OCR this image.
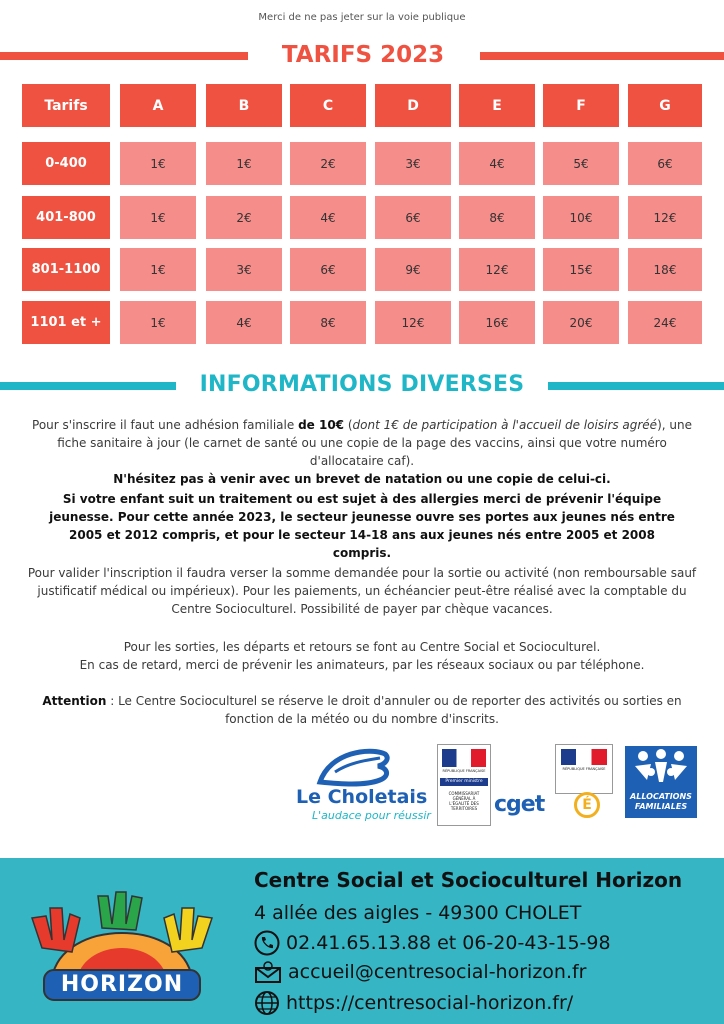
Merci de ne pas jeter sur la voie publique
TARIFS 2023
Tarifs	A	B	C	D	E	F	G
0-400	1€	1€	2€	3€	4€	5€	6€
401-800	1€	2€	4€	6€	8€	10€	12€
801-1100	1€	3€	6€	9€	12€	15€	18€
1101 et +	1€	4€	8€	12€	16€	20€	24€
INFORMATIONS DIVERSES
Pour s'inscrire il faut une adhésion familiale de 10€ (dont 1€ de participation à l'accueil de loisirs agréé), une fiche sanitaire à jour (le carnet de santé ou une copie de la page des vaccins, ainsi que votre numéro d'allocataire caf).
N'hésitez pas à venir avec un brevet de natation ou une copie de celui-ci.
Si votre enfant suit un traitement ou est sujet à des allergies merci de prévenir l'équipe jeunesse. Pour cette année 2023, le secteur jeunesse ouvre ses portes aux jeunes nés entre 2005 et 2012 compris, et pour le secteur 14-18 ans aux jeunes nés entre 2005 et 2008 compris.
Pour valider l'inscription il faudra verser la somme demandée pour la sortie ou activité (non remboursable sauf justificatif médical ou impérieux). Pour les paiements, un échéancier peut-être réalisé avec la comptable du Centre Socioculturel. Possibilité de payer par chèque vacances.
Pour les sorties, les départs et retours se font au Centre Social et Socioculturel.
En cas de retard, merci de prévenir les animateurs, par les réseaux sociaux ou par téléphone.
Attention : Le Centre Socioculturel se réserve le droit d'annuler ou de reporter des activités ou sorties en fonction de la météo ou du nombre d'inscrits.
Le Choletais
L'audace pour réussir
RÉPUBLIQUE FRANÇAISE
Premier ministre
COMMISSARIAT GÉNÉRAL À L'ÉGALITÉ DES TERRITOIRES cget
RÉPUBLIQUE FRANÇAISE
É
ALLOCATIONS
FAMILIALES
HORIZON
Centre Social et Socioculturel Horizon
4 allée des aigles - 49300 CHOLET
02.41.65.13.88 et 06-20-43-15-98
accueil@centresocial-horizon.fr
https://centresocial-horizon.fr/
